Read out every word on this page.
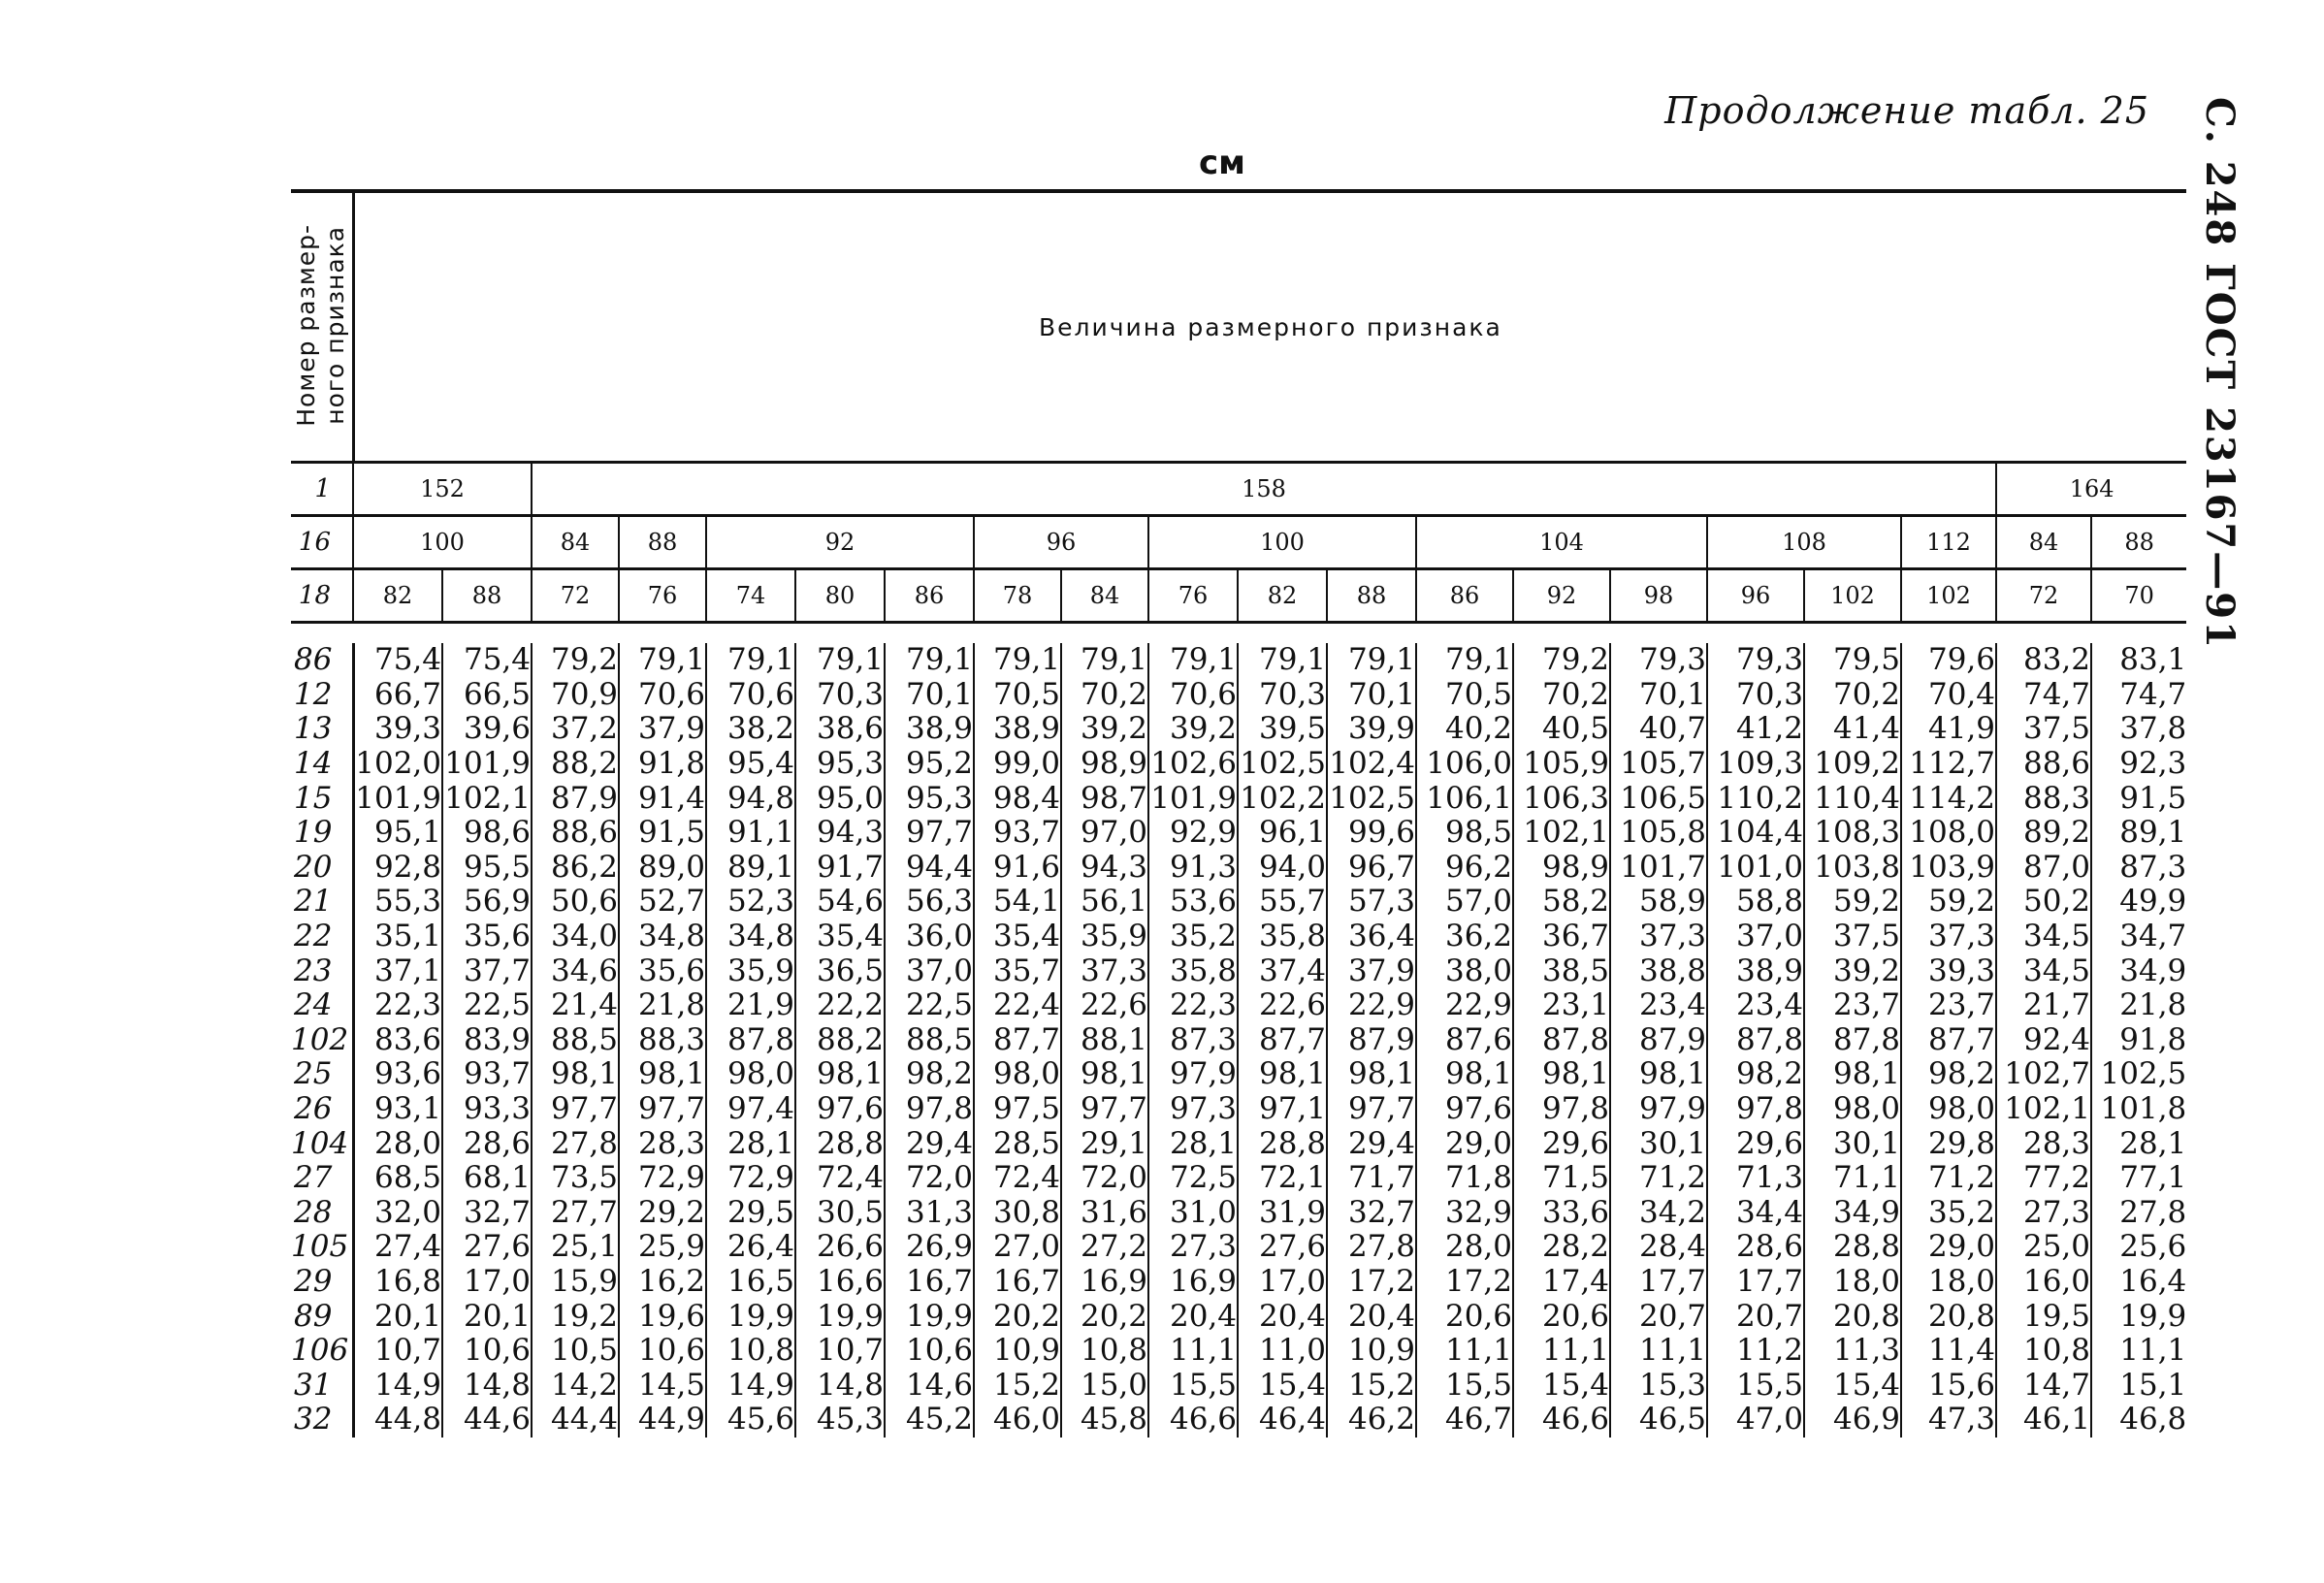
Продолжение табл. 25 С. 248 ГОСТ 23167—91
см
Номер размер-
ного признака	Величина размерного признака																			
1	152		158																164	
16	100		84	88	92			96		100			104			108		112	84	88
18	82	88	72	76	74	80	86	78	84	76	82	88	86	92	98	96	102	102	72	70

86	75,4	75,4	79,2	79,1	79,1	79,1	79,1	79,1	79,1	79,1	79,1	79,1	79,1	79,2	79,3	79,3	79,5	79,6	83,2	83,1
12	66,7	66,5	70,9	70,6	70,6	70,3	70,1	70,5	70,2	70,6	70,3	70,1	70,5	70,2	70,1	70,3	70,2	70,4	74,7	74,7
13	39,3	39,6	37,2	37,9	38,2	38,6	38,9	38,9	39,2	39,2	39,5	39,9	40,2	40,5	40,7	41,2	41,4	41,9	37,5	37,8
14	102,0	101,9	88,2	91,8	95,4	95,3	95,2	99,0	98,9	102,6	102,5	102,4	106,0	105,9	105,7	109,3	109,2	112,7	88,6	92,3
15	101,9	102,1	87,9	91,4	94,8	95,0	95,3	98,4	98,7	101,9	102,2	102,5	106,1	106,3	106,5	110,2	110,4	114,2	88,3	91,5
19	95,1	98,6	88,6	91,5	91,1	94,3	97,7	93,7	97,0	92,9	96,1	99,6	98,5	102,1	105,8	104,4	108,3	108,0	89,2	89,1
20	92,8	95,5	86,2	89,0	89,1	91,7	94,4	91,6	94,3	91,3	94,0	96,7	96,2	98,9	101,7	101,0	103,8	103,9	87,0	87,3
21	55,3	56,9	50,6	52,7	52,3	54,6	56,3	54,1	56,1	53,6	55,7	57,3	57,0	58,2	58,9	58,8	59,2	59,2	50,2	49,9
22	35,1	35,6	34,0	34,8	34,8	35,4	36,0	35,4	35,9	35,2	35,8	36,4	36,2	36,7	37,3	37,0	37,5	37,3	34,5	34,7
23	37,1	37,7	34,6	35,6	35,9	36,5	37,0	35,7	37,3	35,8	37,4	37,9	38,0	38,5	38,8	38,9	39,2	39,3	34,5	34,9
24	22,3	22,5	21,4	21,8	21,9	22,2	22,5	22,4	22,6	22,3	22,6	22,9	22,9	23,1	23,4	23,4	23,7	23,7	21,7	21,8
102	83,6	83,9	88,5	88,3	87,8	88,2	88,5	87,7	88,1	87,3	87,7	87,9	87,6	87,8	87,9	87,8	87,8	87,7	92,4	91,8
25	93,6	93,7	98,1	98,1	98,0	98,1	98,2	98,0	98,1	97,9	98,1	98,1	98,1	98,1	98,1	98,2	98,1	98,2	102,7	102,5
26	93,1	93,3	97,7	97,7	97,4	97,6	97,8	97,5	97,7	97,3	97,1	97,7	97,6	97,8	97,9	97,8	98,0	98,0	102,1	101,8
104	28,0	28,6	27,8	28,3	28,1	28,8	29,4	28,5	29,1	28,1	28,8	29,4	29,0	29,6	30,1	29,6	30,1	29,8	28,3	28,1
27	68,5	68,1	73,5	72,9	72,9	72,4	72,0	72,4	72,0	72,5	72,1	71,7	71,8	71,5	71,2	71,3	71,1	71,2	77,2	77,1
28	32,0	32,7	27,7	29,2	29,5	30,5	31,3	30,8	31,6	31,0	31,9	32,7	32,9	33,6	34,2	34,4	34,9	35,2	27,3	27,8
105	27,4	27,6	25,1	25,9	26,4	26,6	26,9	27,0	27,2	27,3	27,6	27,8	28,0	28,2	28,4	28,6	28,8	29,0	25,0	25,6
29	16,8	17,0	15,9	16,2	16,5	16,6	16,7	16,7	16,9	16,9	17,0	17,2	17,2	17,4	17,7	17,7	18,0	18,0	16,0	16,4
89	20,1	20,1	19,2	19,6	19,9	19,9	19,9	20,2	20,2	20,4	20,4	20,4	20,6	20,6	20,7	20,7	20,8	20,8	19,5	19,9
106	10,7	10,6	10,5	10,6	10,8	10,7	10,6	10,9	10,8	11,1	11,0	10,9	11,1	11,1	11,1	11,2	11,3	11,4	10,8	11,1
31	14,9	14,8	14,2	14,5	14,9	14,8	14,6	15,2	15,0	15,5	15,4	15,2	15,5	15,4	15,3	15,5	15,4	15,6	14,7	15,1
32	44,8	44,6	44,4	44,9	45,6	45,3	45,2	46,0	45,8	46,6	46,4	46,2	46,7	46,6	46,5	47,0	46,9	47,3	46,1	46,8
